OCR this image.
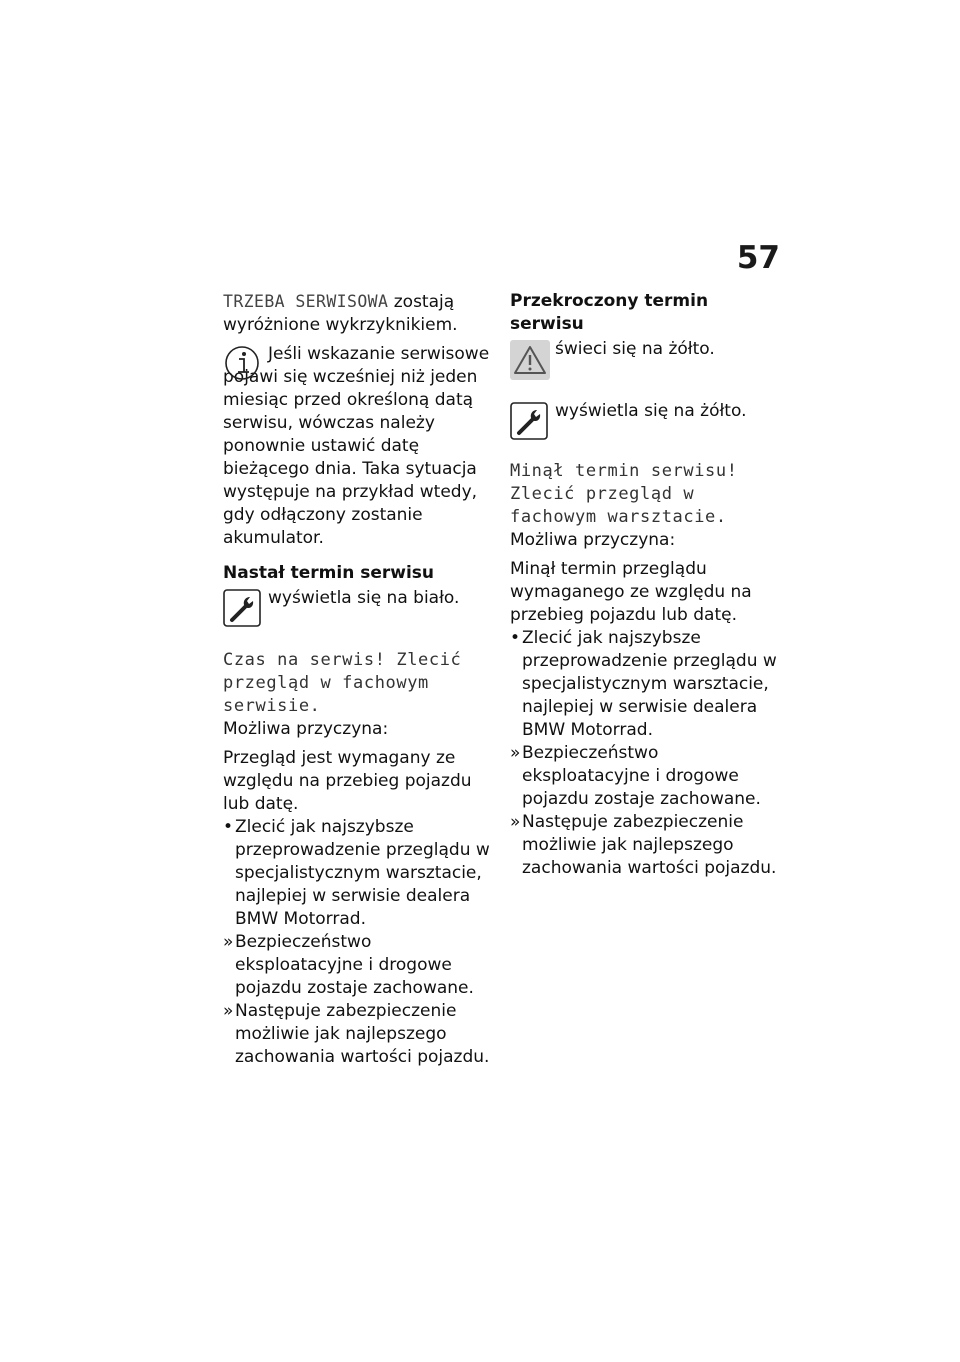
57

TRZEBA SERWISOWA zostają wyróżnione wykrzyknikiem.

Jeśli wskazanie serwisowe pojawi się wcześniej niż jeden miesiąc przed określoną datą serwisu, wówczas należy ponownie ustawić datę bieżącego dnia. Taka sytuacja występuje na przykład wtedy, gdy odłączony zostanie akumulator.
Nastał termin serwisu
wyświetla się na biało.
Czas na serwis! Zlecić przegląd w fachowym serwisie.

Możliwa przyczyna:

Przegląd jest wymagany ze względu na przebieg pojazdu lub datę.

• Zlecić jak najszybsze przeprowadzenie przeglądu w specjalistycznym warsztacie, najlepiej w serwisie dealera BMW Motorrad.
» Bezpieczeństwo eksploatacyjne i drogowe pojazdu zostaje zachowane.
» Następuje zabezpieczenie możliwie jak najlepszego zachowania wartości pojazdu.
Przekroczony termin serwisu
świeci się na żółto.
wyświetla się na żółto.
Minął termin serwisu! Zlecić przegląd w fachowym warsztacie.

Możliwa przyczyna:

Minął termin przeglądu wymaganego ze względu na przebieg pojazdu lub datę.

• Zlecić jak najszybsze przeprowadzenie przeglądu w specjalistycznym warsztacie, najlepiej w serwisie dealera BMW Motorrad.
» Bezpieczeństwo eksploatacyjne i drogowe pojazdu zostaje zachowane.
» Następuje zabezpieczenie możliwie jak najlepszego zachowania wartości pojazdu.
